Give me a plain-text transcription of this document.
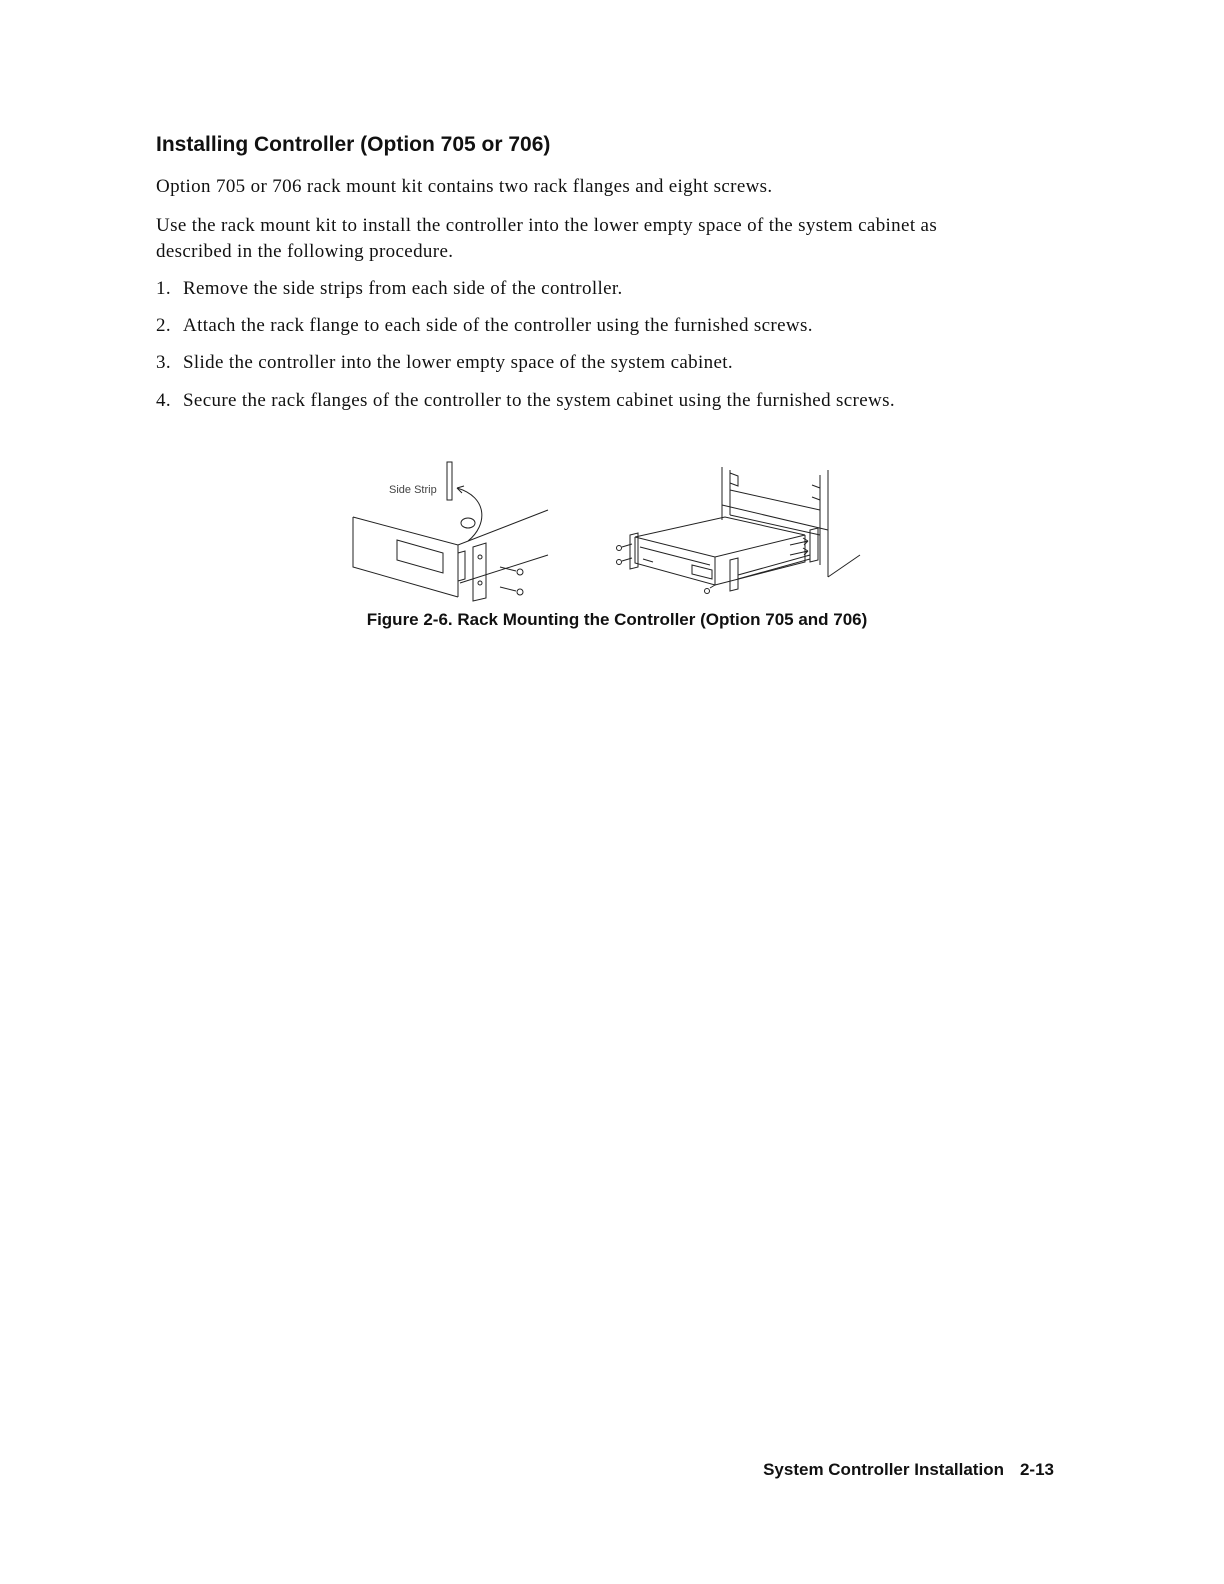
Installing Controller (Option 705 or 706)

Option 705 or 706 rack mount kit contains two rack flanges and eight screws.

Use the rack mount kit to install the controller into the lower empty space of the system cabinet as described in the following procedure.

1. Remove the side strips from each side of the controller.

2. Attach the rack flange to each side of the controller using the furnished screws.

3. Slide the controller into the lower empty space of the system cabinet.

4. Secure the rack flanges of the controller to the system cabinet using the furnished screws.

Side Strip

Figure 2-6. Rack Mounting the Controller (Option 705 and 706)

System Controller Installation 2-13
